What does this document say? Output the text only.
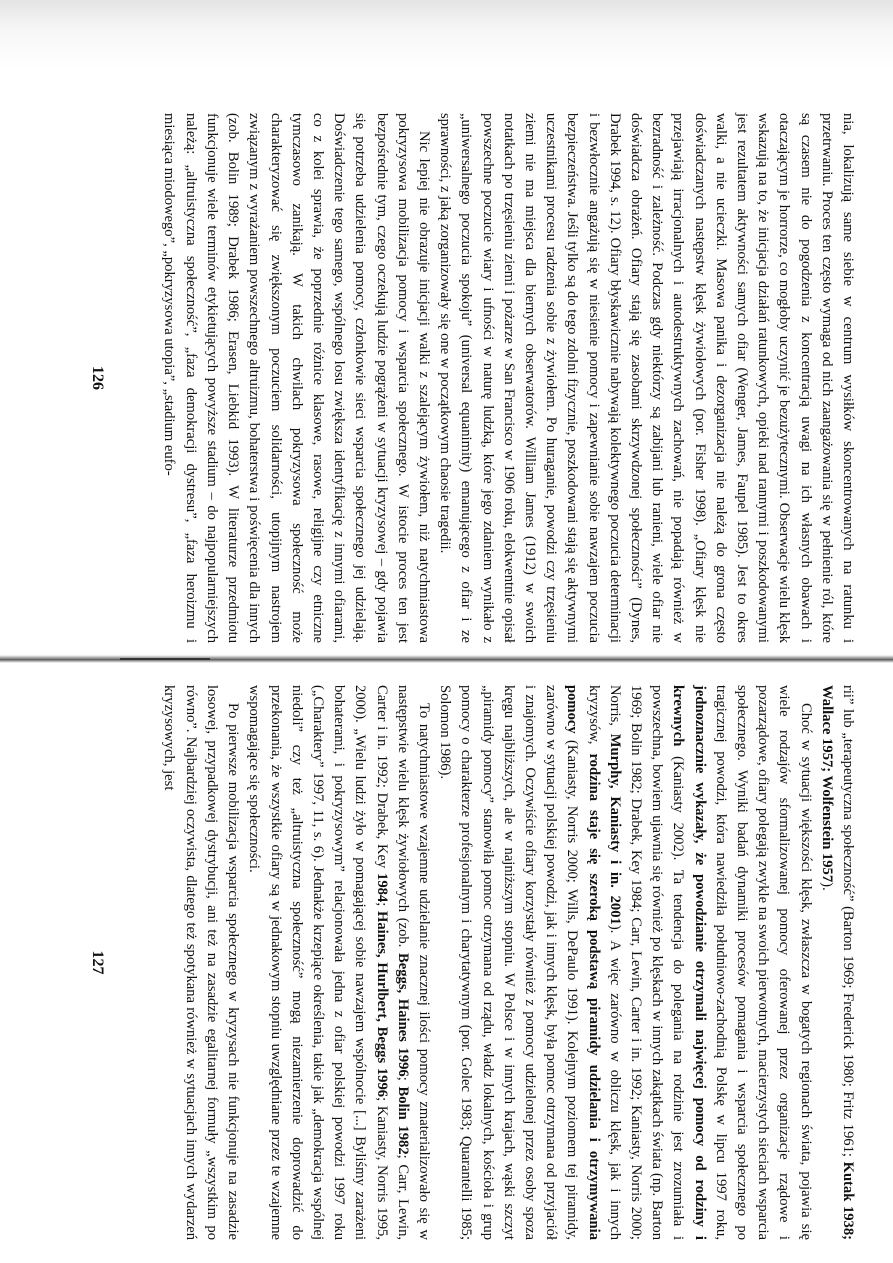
nia, lokalizują same siebie w centrum wysiłków skoncentrowanych na ratunku i przetrwaniu. Proces ten często wymaga od nich zaangażowania się w pełnienie ról, które są czasem nie do pogodzenia z koncentracją uwagi na ich własnych obawach i otaczającym je horrorze, co mogłoby uczynić je bezużytecznymi. Obserwacje wielu klęsk wskazują na to, że inicjacja działań ratunkowych, opieki nad rannymi i poszkodowanymi jest rezultatem aktywności samych ofiar (Wenger, James, Faupel 1985). Jest to okres walki, a nie ucieczki. Masowa panika i dezorganizacja nie należą do grona często doświadczanych następstw klęsk żywiołowych (por. Fisher 1998). „Ofiary klęsk nie przejawiają irracjonalnych i autodestruktywnych zachowań, nie popadają również w bezradność i zależność. Podczas gdy niektórzy są zabijani lub ranieni, wiele ofiar nie doświadcza obrażeń. Ofiary stają się zasobami skrzywdzonej społeczności” (Dynes, Drabek 1994, s. 12). Ofiary błyskawicznie nabywają kolektywnego poczucia determinacji i bezwłocznie angażują się w niesienie pomocy i zapewnianie sobie nawzajem poczucia bezpieczeństwa. Jeśli tylko są do tego zdolni fizycznie, poszkodowani stają się aktywnymi uczestnikami procesu radzenia sobie z żywiołem. Po huraganie, powodzi czy trzęsieniu ziemi nie ma miejsca dla biernych obserwatorów. William James (1912) w swoich notatkach po trzęsieniu ziemi i pożarze w San Francisco w 1906 roku, elokwentnie opisał powszechne poczucie wiary i ufności w naturę ludzką, które jego zdaniem wynikało z „uniwersalnego poczucia spokoju” (universal equanimity) emanującego z ofiar i ze sprawności, z jaką zorganizowały się one w początkowym chaosie tragedii.

Nic lepiej nie obrazuje inicjacji walki z szalejącym żywiołem, niż natychmiastowa pokryzysowa mobilizacja pomocy i wsparcia społecznego. W istocie proces ten jest bezpośrednie tym, czego oczekują ludzie pogrążeni w sytuacji kryzysowej – gdy pojawia się potrzeba udzielenia pomocy, członkowie sieci wsparcia społecznego jej udzielają. Doświadczenie tego samego, wspólnego losu zwiększa identyfikację z innymi ofiarami, co z kolei sprawia, że poprzednie różnice klasowe, rasowe, religijne czy etniczne tymczasowo zanikają. W takich chwilach pokryzysowa społeczność może charakteryzować się zwiększonym poczuciem solidarności, utopijnym nastrojem związanym z wyrażaniem powszechnego altruizmu, bohaterstwa i poświęcenia dla innych (zob. Bolin 1989; Drabek 1986; Erasen, Liebkid 1993). W literaturze przedmiotu funkcjonuje wiele terminów etykietujących powyższe stadium – do najpopularniejszych należą: „altruistyczna społeczność”, „faza demokracji dystresu”, „faza heroizmu i miesiąca miodowego”, „pokryzysowa utopia”, „stadium eufo-

126

rii” lub „terapeutyczna społeczność” (Barton 1969; Frederick 1980; Fritz 1961; Kutak 1938; Wallace 1957; Wolfenstein 1957).

Choć w sytuacji większości klęsk, zwłaszcza w bogatych regionach świata, pojawia się wiele rodzajów sformalizowanej pomocy oferowanej przez organizacje rządowe i pozarządowe, ofiary polegają zwykle na swoich pierwotnych, macierzystych sieciach wsparcia społecznego. Wyniki badań dynamiki procesów pomagania i wsparcia społecznego po tragicznej powodzi, która nawiedziła południowo-zachodnią Polskę w lipcu 1997 roku, jednoznacznie wykazały, że powodzianie otrzymali najwięcej pomocy od rodziny i krewnych (Kaniasty 2002). Ta tendencja do polegania na rodzinie jest zrozumiała i powszechna, bowiem ujawnia się również po klęskach w innych zakątkach świata (np. Barton 1969; Bolin 1982; Drabek, Key 1984; Carr, Lewin, Carter i in. 1992; Kaniasty, Norris 2000; Norris, Murphy, Kaniasty i in. 2001). A więc zarówno w obliczu klęsk, jak i innych kryzysów, rodzina staje się szeroką podstawą piramidy udzielania i otrzymywania pomocy (Kaniasty, Norris 2000; Wills, DePaulo 1991). Kolejnym poziomem tej piramidy, zarówno w sytuacji polskiej powodzi, jak i innych klęsk, była pomoc otrzymana od przyjaciół i znajomych. Oczywiście ofiary korzystały również z pomocy udzielonej przez osoby spoza kręgu najbliższych, ale w najniższym stopniu. W Polsce i w innych krajach, wąski szczyt „piramidy pomocy” stanowiła pomoc otrzymana od rządu, władz lokalnych, kościoła i grup pomocy o charakterze profesjonalnym i charytatywnym (por. Golec 1983; Quarantelli 1985; Solomon 1986).

To natychmiastowe wzajemne udzielanie znacznej ilości pomocy zmaterializowało się w następstwie wielu klęsk żywiołowych (zob. Beggs, Haines 1996; Bolin 1982; Carr, Lewin, Carter i in. 1992; Drabek, Key 1984; Haines, Hurlbert, Beggs 1996; Kaniasty, Norris 1995, 2000). „Wielu ludzi żyło w pomagającej sobie nawzajem wspólnocie [...] Byliśmy zarażeni bohaterami, i pokryzysowym” relacjonowała jedna z ofiar polskiej powodzi 1997 roku („Charaktery” 1997, 11, s. 6). Jednakże krzepiące określenia, takie jak „demokracja wspólnej niedoli” czy też „altruistyczna społeczność” mogą niezamierzenie doprowadzić do przekonania, że wszystkie ofiary są w jednakowym stopniu uwzględniane przez te wzajemne wspomagające się społeczności.

Po pierwsze mobilizacja wsparcia społecznego w kryzysach nie funkcjonuje na zasadzie losowej, przypadkowej dystrybucji, ani też na zasadzie egalitarnej formuły „wszystkim po równo”. Najbardziej oczywista, dlatego też spotykana również w sytuacjach innych wydarzeń kryzysowych, jest

127
